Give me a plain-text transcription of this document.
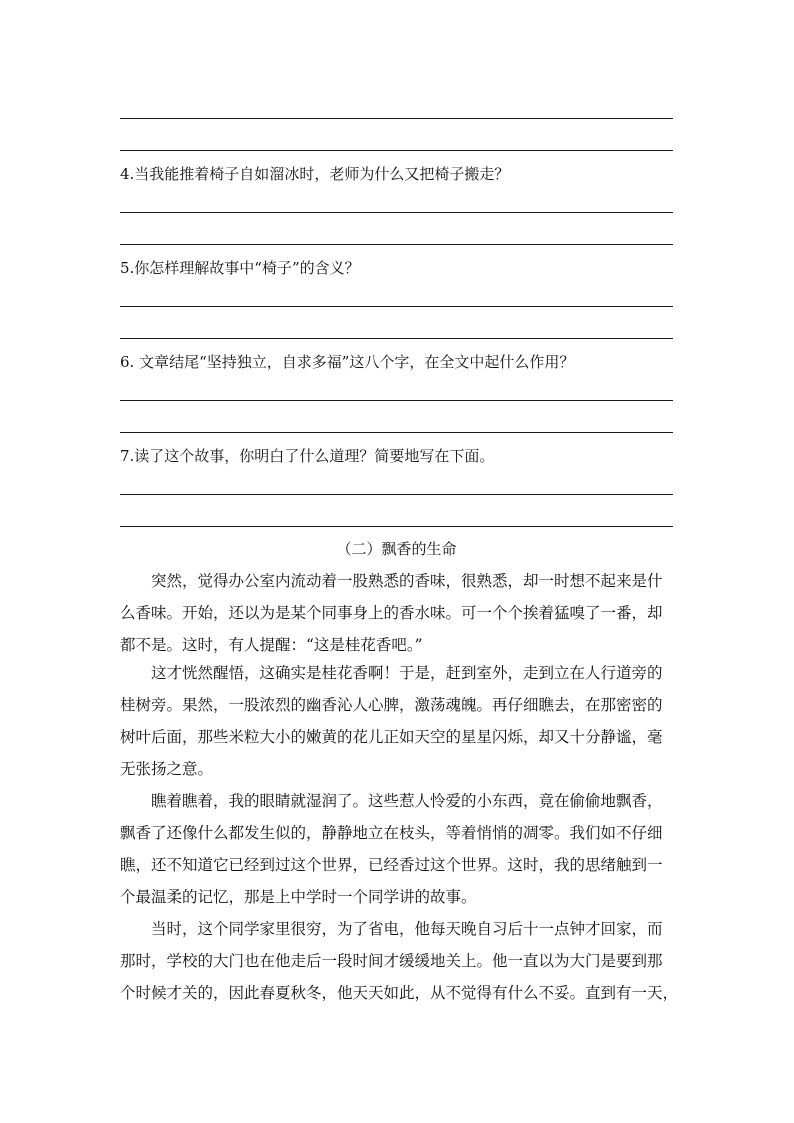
4.当我能推着椅子自如溜冰时，老师为什么又把椅子搬走？
5.你怎样理解故事中“椅子”的含义？
6. 文章结尾“坚持独立，自求多福”这八个字，在全文中起什么作用？
7.读了这个故事，你明白了什么道理？简要地写在下面。
（二）飘香的生命
突然，觉得办公室内流动着一股熟悉的香味，很熟悉，却一时想不起来是什
么香味。开始，还以为是某个同事身上的香水味。可一个个挨着猛嗅了一番，却
都不是。这时，有人提醒：“这是桂花香吧。”
这才恍然醒悟，这确实是桂花香啊！于是，赶到室外，走到立在人行道旁的
桂树旁。果然，一股浓烈的幽香沁人心脾，激荡魂魄。再仔细瞧去，在那密密的
树叶后面，那些米粒大小的嫩黄的花儿正如天空的星星闪烁，却又十分静谧，毫
无张扬之意。
瞧着瞧着，我的眼睛就湿润了。这些惹人怜爱的小东西，竟在偷偷地飘香，
飘香了还像什么都发生似的，静静地立在枝头，等着悄悄的凋零。我们如不仔细
瞧，还不知道它已经到过这个世界，已经香过这个世界。这时，我的思绪触到一
个最温柔的记忆，那是上中学时一个同学讲的故事。
当时，这个同学家里很穷，为了省电，他每天晚自习后十一点钟才回家，而
那时，学校的大门也在他走后一段时间才缓缓地关上。他一直以为大门是要到那
个时候才关的，因此春夏秋冬，他天天如此，从不觉得有什么不妥。直到有一天，
